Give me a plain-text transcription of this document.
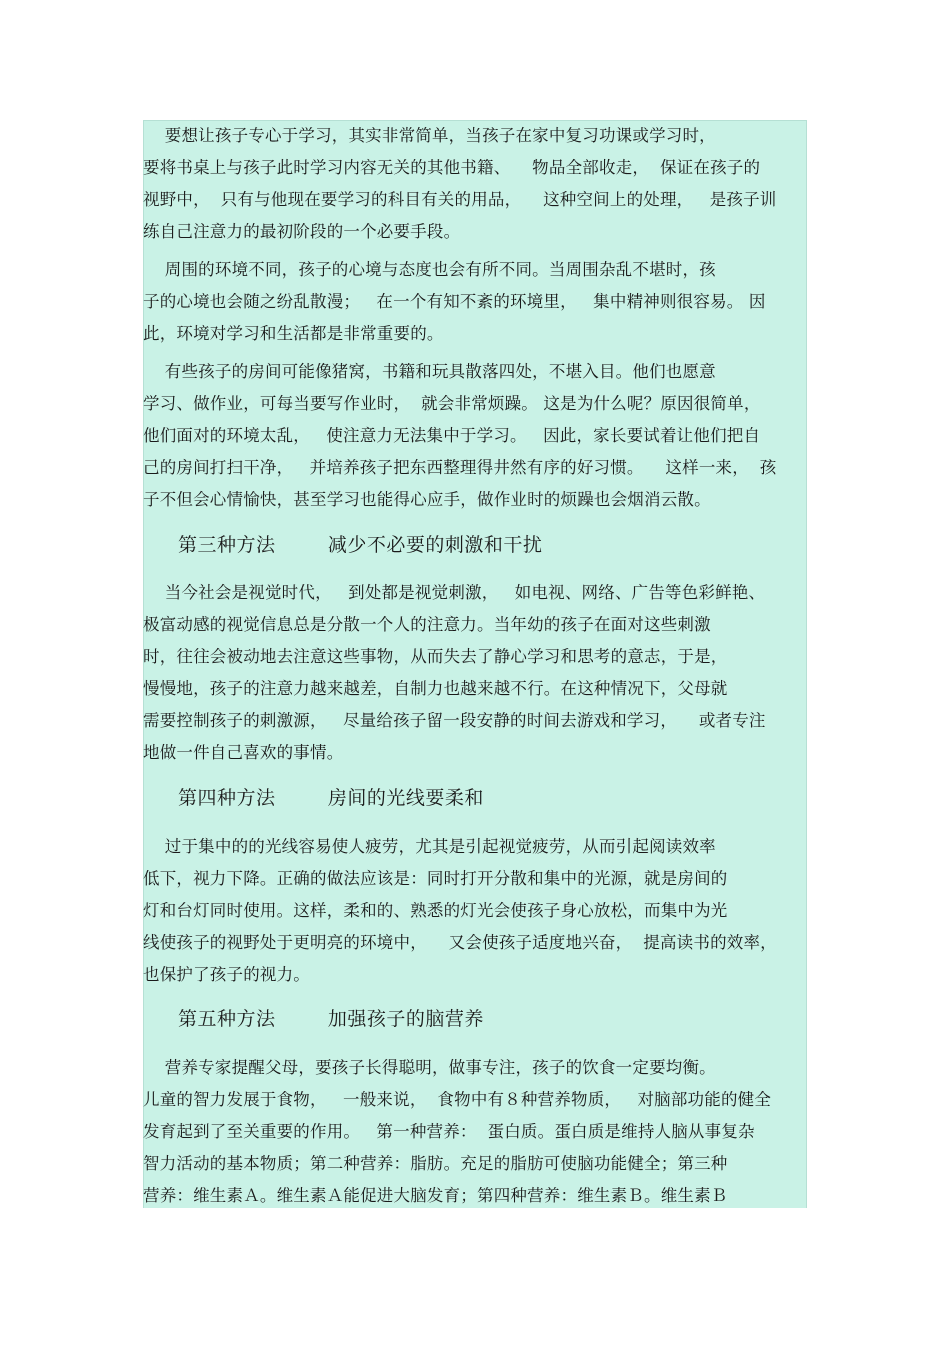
要想让孩子专心于学习，其实非常简单，当孩子在家中复习功课或学习时，
要将书桌上与孩子此时学习内容无关的其他书籍、    物品全部收走，  保证在孩子的
视野中，  只有与他现在要学习的科目有关的用品，    这种空间上的处理，   是孩子训
练自己注意力的最初阶段的一个必要手段。
周围的环境不同，孩子的心境与态度也会有所不同。当周围杂乱不堪时，孩
子的心境也会随之纷乱散漫；   在一个有知不紊的环境里，   集中精神则很容易。 因
此，环境对学习和生活都是非常重要的。
有些孩子的房间可能像猪窝，书籍和玩具散落四处，不堪入目。他们也愿意
学习、做作业，可每当要写作业时，  就会非常烦躁。 这是为什么呢？原因很简单，
他们面对的环境太乱，   使注意力无法集中于学习。   因此，家长要试着让他们把自
己的房间打扫干净，   并培养孩子把东西整理得井然有序的好习惯。    这样一来，  孩
子不但会心情愉快，甚至学习也能得心应手，做作业时的烦躁也会烟消云散。
第三种方法        减少不必要的刺激和干扰
当今社会是视觉时代，   到处都是视觉刺激，   如电视、网络、广告等色彩鲜艳、
极富动感的视觉信息总是分散一个人的注意力。当年幼的孩子在面对这些刺激
时，往往会被动地去注意这些事物，从而失去了静心学习和思考的意志，于是，
慢慢地，孩子的注意力越来越差，自制力也越来越不行。在这种情况下，父母就
需要控制孩子的刺激源，   尽量给孩子留一段安静的时间去游戏和学习，    或者专注
地做一件自己喜欢的事情。
第四种方法        房间的光线要柔和
过于集中的的光线容易使人疲劳，尤其是引起视觉疲劳，从而引起阅读效率
低下，视力下降。正确的做法应该是：同时打开分散和集中的光源，就是房间的
灯和台灯同时使用。这样，柔和的、熟悉的灯光会使孩子身心放松，而集中为光
线使孩子的视野处于更明亮的环境中，    又会使孩子适度地兴奋，  提高读书的效率，
也保护了孩子的视力。
第五种方法        加强孩子的脑营养
营养专家提醒父母，要孩子长得聪明，做事专注，孩子的饮食一定要均衡。
儿童的智力发展于食物，   一般来说，  食物中有８种营养物质，   对脑部功能的健全
发育起到了至关重要的作用。   第一种营养：  蛋白质。蛋白质是维持人脑从事复杂
智力活动的基本物质；第二种营养：脂肪。充足的脂肪可使脑功能健全；第三种
营养：维生素Ａ。维生素Ａ能促进大脑发育；第四种营养：维生素Ｂ。维生素Ｂ
